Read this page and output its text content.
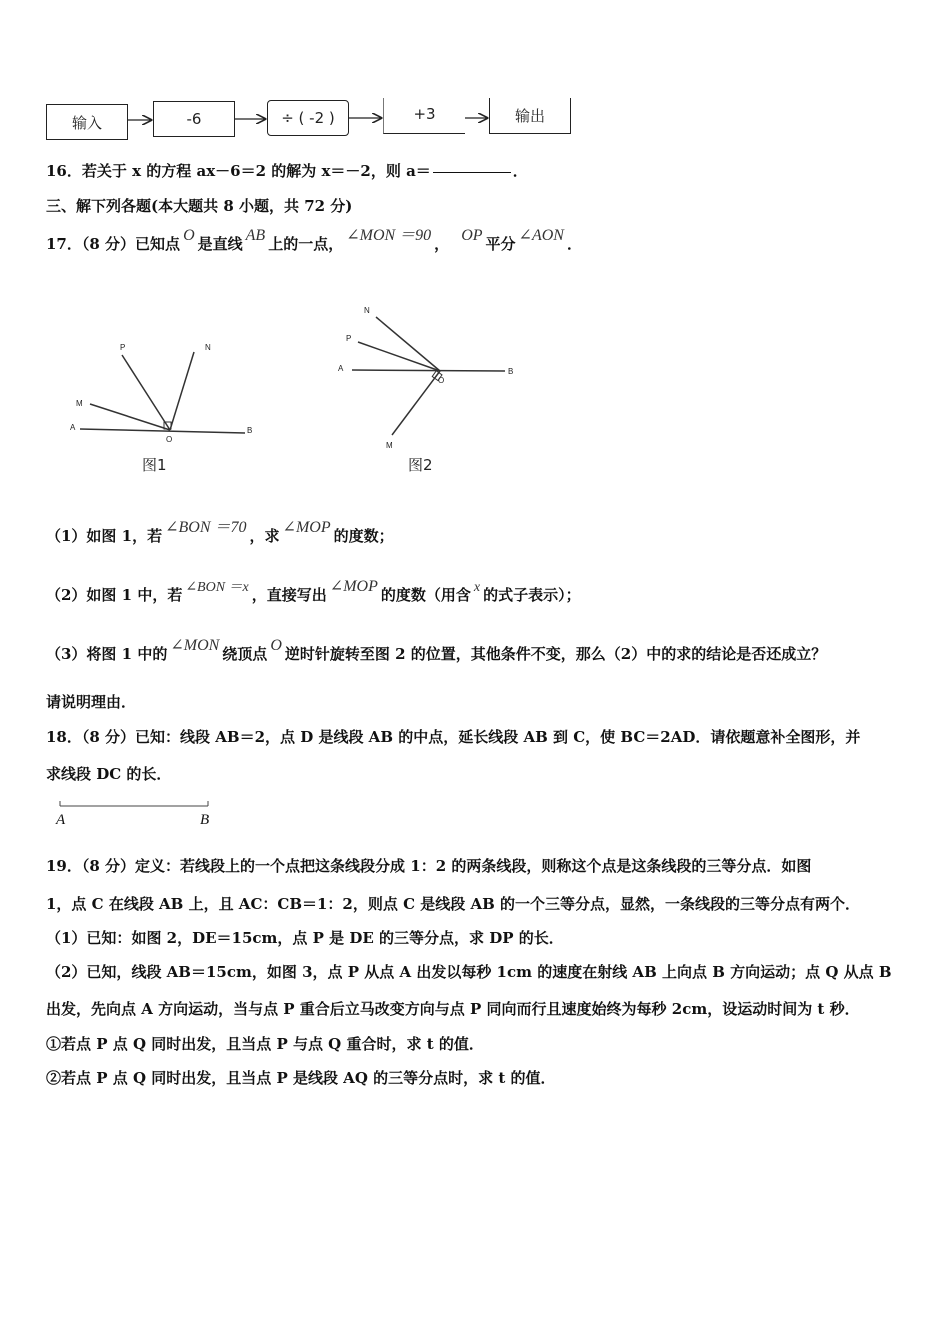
输入	-6	÷ ( -2 )	+3	输出
16．若关于 x 的方程 ax－6＝2 的解为 x＝－2，则 a＝	．
三、解下列各题(本大题共 8 小题，共 72 分)
17．（8 分）已知点 O 是直线 AB 上的一点， ∠MON ＝90 ， OP 平分 ∠AON ．
P	N
M
A
O
B
图1
N
P
A
O
B
M
图2
（1）如图 1，若 ∠BON ＝70 ，求 ∠MOP 的度数；
（2）如图 1 中，若 ∠BON ＝x ，直接写出 ∠MOP 的度数（用含 x 的式子表示）；
（3）将图 1 中的 ∠MON 绕顶点 O 逆时针旋转至图 2 的位置，其他条件不变，那么（2）中的求的结论是否还成立？
请说明理由．
18．（8 分）已知：线段 AB＝2，点 D 是线段 AB 的中点，延长线段 AB 到 C，使 BC＝2AD．请依题意补全图形，并
求线段 DC 的长．
A	B
19．（8 分）定义：若线段上的一个点把这条线段分成 1：2 的两条线段，则称这个点是这条线段的三等分点．如图
1，点 C 在线段 AB 上，且 AC：CB＝1：2，则点 C 是线段 AB 的一个三等分点，显然，一条线段的三等分点有两个．
（1）已知：如图 2，DE＝15cm，点 P 是 DE 的三等分点，求 DP 的长．
（2）已知，线段 AB＝15cm，如图 3，点 P 从点 A 出发以每秒 1cm 的速度在射线 AB 上向点 B 方向运动；点 Q 从点 B
出发，先向点 A 方向运动，当与点 P 重合后立马改变方向与点 P 同向而行且速度始终为每秒 2cm，设运动时间为 t 秒．
①若点 P 点 Q 同时出发，且当点 P 与点 Q 重合时，求 t 的值．
②若点 P 点 Q 同时出发，且当点 P 是线段 AQ 的三等分点时，求 t 的值．
